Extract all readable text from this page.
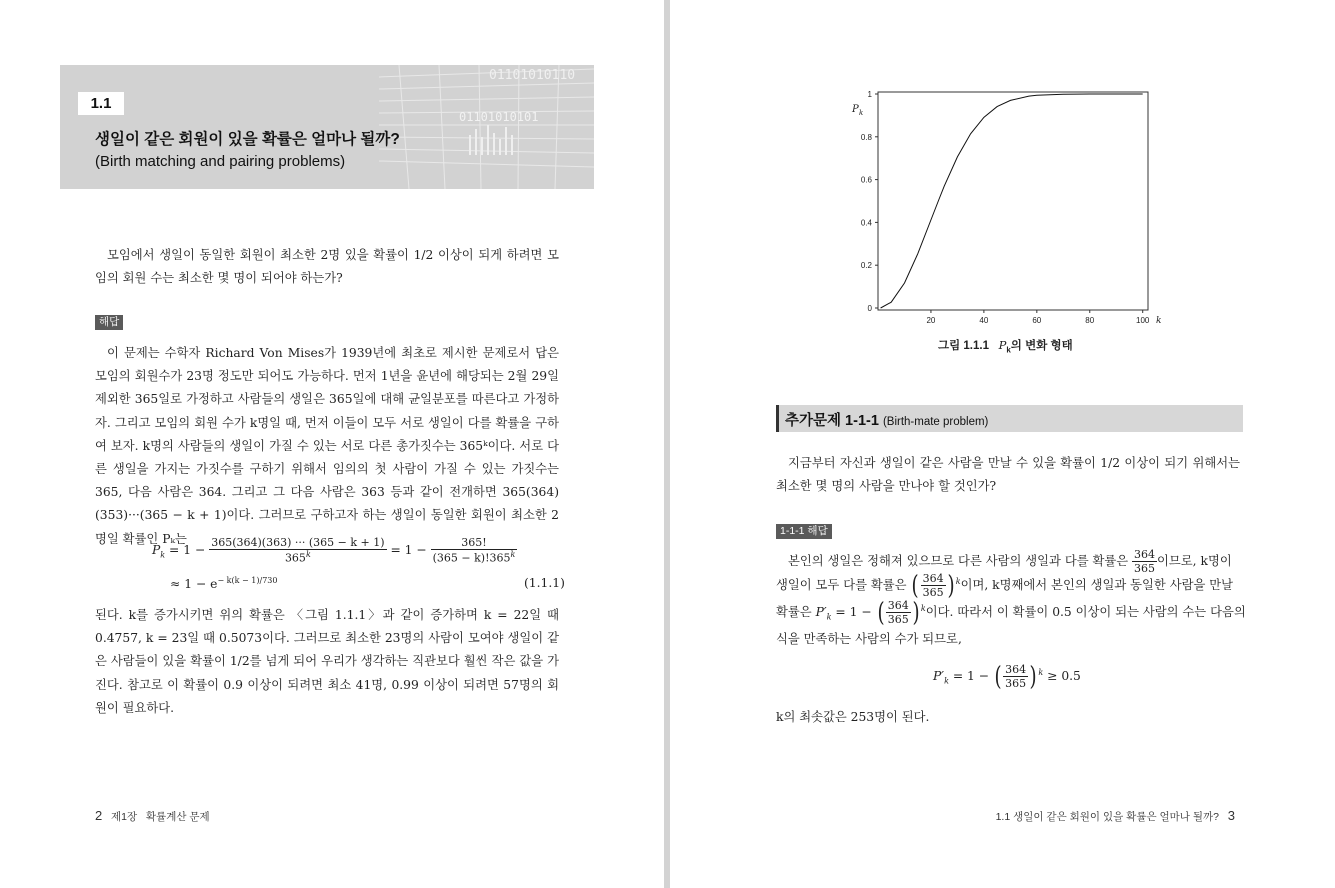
01101010110
01101010101
1.1
생일이 같은 회원이 있을 확률은 얼마나 될까?
(Birth matching and pairing problems)
모임에서 생일이 동일한 회원이 최소한 2명 있을 확률이 1/2 이상이 되게 하려면 모임의 회원 수는 최소한 몇 명이 되어야 하는가?
해답
이 문제는 수학자 Richard Von Mises가 1939년에 최초로 제시한 문제로서 답은 모임의 회원수가 23명 정도만 되어도 가능하다. 먼저 1년을 윤년에 해당되는 2월 29일 제외한 365일로 가정하고 사람들의 생일은 365일에 대해 균일분포를 따른다고 가정하자. 그리고 모임의 회원 수가 k명일 때, 먼저 이들이 모두 서로 생일이 다를 확률을 구하여 보자. k명의 사람들의 생일이 가질 수 있는 서로 다른 총가짓수는 365ᵏ이다. 서로 다른 생일을 가지는 가짓수를 구하기 위해서 임의의 첫 사람이 가질 수 있는 가짓수는 365, 다음 사람은 364. 그리고 그 다음 사람은 363 등과 같이 전개하면 365(364)(353)···(365 − k + 1)이다. 그러므로 구하고자 하는 생일이 동일한 회원이 최소한 2명일 확률인 Pₖ는
$P_k = 1 - \frac{365(364)(363) \cdot\cdot\cdot (365 - k + 1)}{365^k} = 1 - \frac{365!}{(365 - k)!365^k}$
≈ $1 - e^{- k(k - 1)/730}$	(1.1.1)
된다. k를 증가시키면 위의 확률은 〈그림 1.1.1〉과 같이 증가하며 k = 22일 때 0.4757, k = 23일 때 0.5073이다. 그러므로 최소한 23명의 사람이 모여야 생일이 같은 사람들이 있을 확률이 1/2를 넘게 되어 우리가 생각하는 직관보다 훨씬 작은 값을 가진다. 참고로 이 확률이 0.9 이상이 되려면 최소 41명, 0.99 이상이 되려면 57명의 회원이 필요하다.
2 제1장 확률계산 문제
0
0.2
0.4
0.6
0.8
1
20	40	60	80	100
P k
k
그림 1.1.1 $P_k$의 변화 형태
추가문제 1-1-1 (Birth-mate problem)
지금부터 자신과 생일이 같은 사람을 만날 수 있을 확률이 1/2 이상이 되기 위해서는 최소한 몇 명의 사람을 만나야 할 것인가?
1-1-1 해답
본인의 생일은 정해져 있으므로 다른 사람의 생일과 다를 확률은 $\frac{364}{365}$ 이므로, k명이
생일이 모두 다를 확률은 ( $\frac{364}{365}$ ) $^k$이며, k명째에서 본인의 생일과 동일한 사람을 만날
확률은 $P'_k = 1$ − ( $\frac{364}{365}$ ) $^k$이다. 따라서 이 확률이 0.5 이상이 되는 사람의 수는 다음의
식을 만족하는 사람의 수가 되므로,
$P'_k = 1$ − ( $\frac{364}{365}$ ) $^k$ ≥ 0.5
k의 최솟값은 253명이 된다.
1.1 생일이 같은 회원이 있을 확률은 얼마나 될까? 3
